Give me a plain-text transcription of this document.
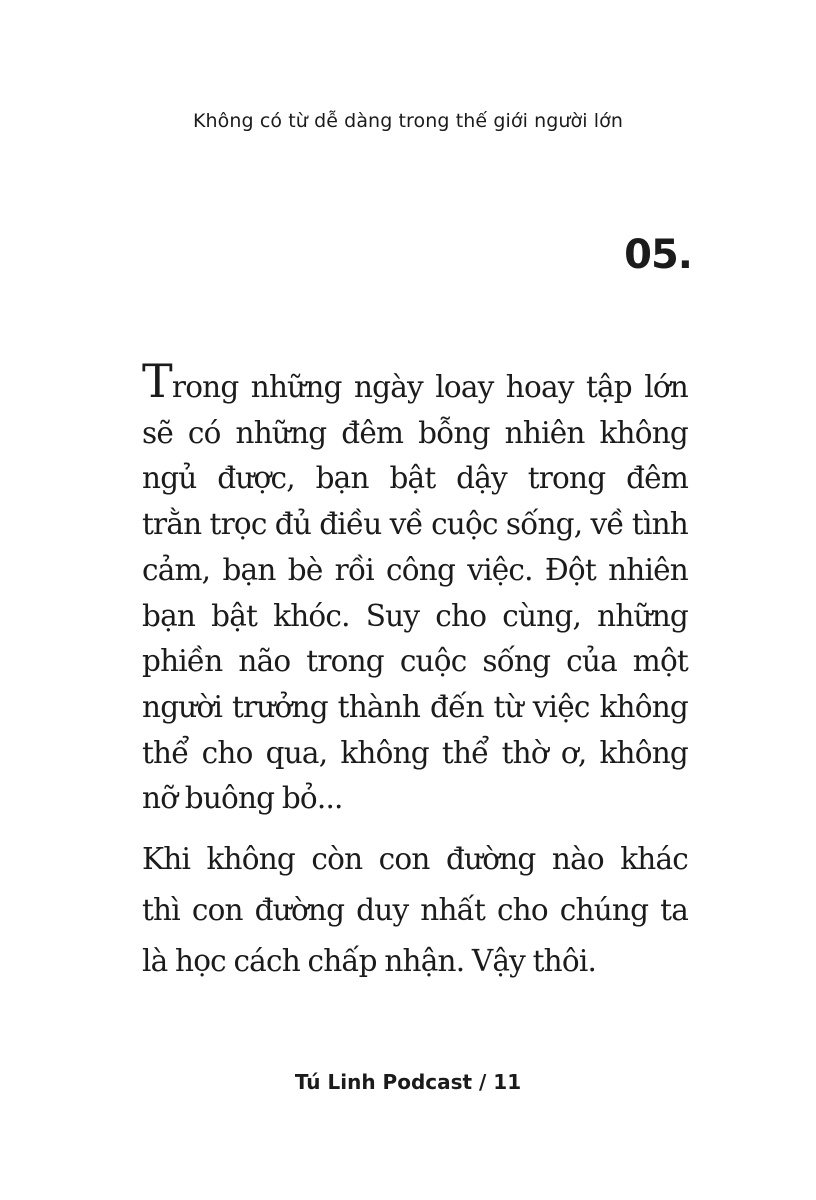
Không có từ dễ dàng trong thế giới người lớn
05.

Trong những ngày loay hoay tập lớn
sẽ có những đêm bỗng nhiên không
ngủ được, bạn bật dậy trong đêm
trằn trọc đủ điều về cuộc sống, về tình
cảm, bạn bè rồi công việc. Đột nhiên
bạn bật khóc. Suy cho cùng, những
phiền não trong cuộc sống của một
người trưởng thành đến từ việc không
thể cho qua, không thể thờ ơ, không
nỡ buông bỏ...

Khi không còn con đường nào khác
thì con đường duy nhất cho chúng ta
là học cách chấp nhận. Vậy thôi.

Tú Linh Podcast / 11
